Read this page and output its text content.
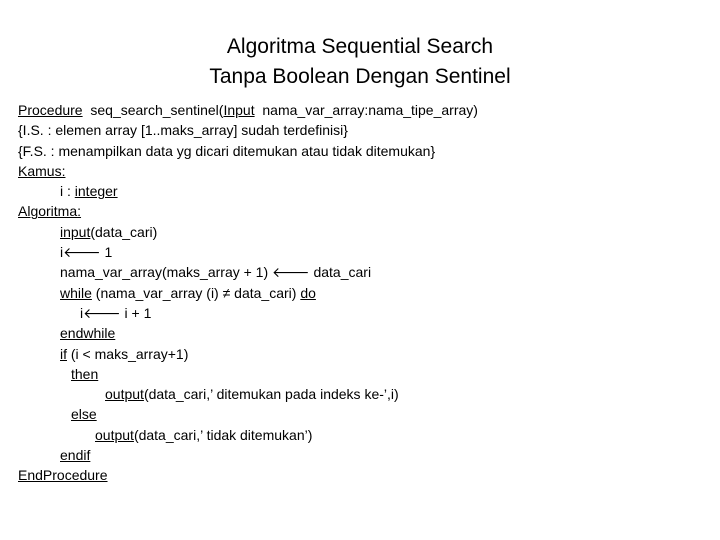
Algoritma Sequential Search
Tanpa Boolean Dengan Sentinel
Procedure  seq_search_sentinel(Input  nama_var_array:nama_tipe_array)
{I.S. : elemen array [1..maks_array] sudah terdefinisi}
{F.S. : menampilkan data yg dicari ditemukan atau tidak ditemukan}
Kamus:
i : integer
Algoritma:
input(data_cari)
i🡐 1
nama_var_array(maks_array + 1) 🡐 data_cari
while (nama_var_array (i) ≠ data_cari) do
i🡐 i + 1
endwhile
if (i < maks_array+1)
then
output(data_cari,’ ditemukan pada indeks ke-’,i)
else
output(data_cari,’ tidak ditemukan’)
endif
EndProcedure
